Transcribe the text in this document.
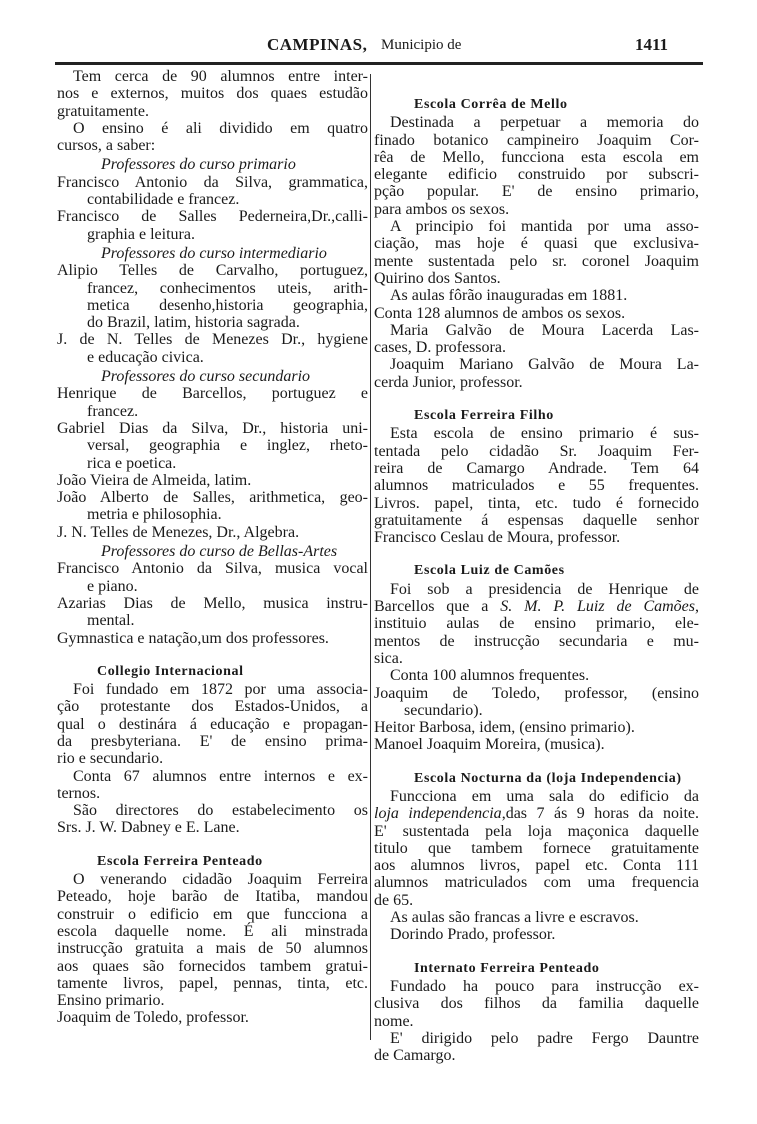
CAMPINAS, Municipio de	1411
Tem cerca de 90 alumnos entre inter-
nos e externos, muitos dos quaes estudão
gratuitamente.
O ensino é ali dividido em quatro
cursos, a saber:
Professores do curso primario
Francisco Antonio da Silva, grammatica,
contabilidade e francez.
Francisco de Salles Pederneira,Dr.,calli-
graphia e leitura.
Professores do curso intermediario
Alipio Telles de Carvalho, portuguez,
francez, conhecimentos uteis, arith-
metica desenho,historia geographia,
do Brazil, latim, historia sagrada.
J. de N. Telles de Menezes Dr., hygiene
e educação civica.
Professores do curso secundario
Henrique de Barcellos, portuguez e
francez.
Gabriel Dias da Silva, Dr., historia uni-
versal, geographia e inglez, rheto-
rica e poetica.
João Vieira de Almeida, latim.
João Alberto de Salles, arithmetica, geo-
metria e philosophia.
J. N. Telles de Menezes, Dr., Algebra.
Professores do curso de Bellas-Artes
Francisco Antonio da Silva, musica vocal
e piano.
Azarias Dias de Mello, musica instru-
mental.
Gymnastica e natação,um dos professores.
Collegio Internacional
Foi fundado em 1872 por uma associa-
ção protestante dos Estados-Unidos, a
qual o destinára á educação e propagan-
da presbyteriana. E' de ensino prima-
rio e secundario.
Conta 67 alumnos entre internos e ex-
ternos.
São directores do estabelecimento os
Srs. J. W. Dabney e E. Lane.
Escola Ferreira Penteado
O venerando cidadão Joaquim Ferreira
Peteado, hoje barão de Itatiba, mandou
construir o edificio em que funcciona a
escola daquelle nome. É ali minstrada
instrucção gratuita a mais de 50 alumnos
aos quaes são fornecidos tambem gratui-
tamente livros, papel, pennas, tinta, etc.
Ensino primario.
Joaquim de Toledo, professor.
Escola Corrêa de Mello
Destinada a perpetuar a memoria do
finado botanico campineiro Joaquim Cor-
rêa de Mello, funcciona esta escola em
elegante edificio construido por subscri-
pção popular. E' de ensino primario,
para ambos os sexos.
A principio foi mantida por uma asso-
ciação, mas hoje é quasi que exclusiva-
mente sustentada pelo sr. coronel Joaquim
Quirino dos Santos.
As aulas fôrão inauguradas em 1881.
Conta 128 alumnos de ambos os sexos.
Maria Galvão de Moura Lacerda Las-
cases, D. professora.
Joaquim Mariano Galvão de Moura La-
cerda Junior, professor.
Escola Ferreira Filho
Esta escola de ensino primario é sus-
tentada pelo cidadão Sr. Joaquim Fer-
reira de Camargo Andrade. Tem 64
alumnos matriculados e 55 frequentes.
Livros. papel, tinta, etc. tudo é fornecido
gratuitamente á espensas daquelle senhor
Francisco Ceslau de Moura, professor.
Escola Luiz de Camões
Foi sob a presidencia de Henrique de
Barcellos que a S. M. P. Luiz de Camões,
instituio aulas de ensino primario, ele-
mentos de instrucção secundaria e mu-
sica.
Conta 100 alumnos frequentes.
Joaquim de Toledo, professor, (ensino
secundario).
Heitor Barbosa, idem, (ensino primario).
Manoel Joaquim Moreira, (musica).
Escola Nocturna da (loja Independencia)
Funcciona em uma sala do edificio da
loja independencia,das 7 ás 9 horas da noite.
E' sustentada pela loja maçonica daquelle
titulo que tambem fornece gratuitamente
aos alumnos livros, papel etc. Conta 111
alumnos matriculados com uma frequencia
de 65.
As aulas são francas a livre e escravos.
Dorindo Prado, professor.
Internato Ferreira Penteado
Fundado ha pouco para instrucção ex-
clusiva dos filhos da familia daquelle
nome.
E' dirigido pelo padre Fergo Dauntre
de Camargo.
